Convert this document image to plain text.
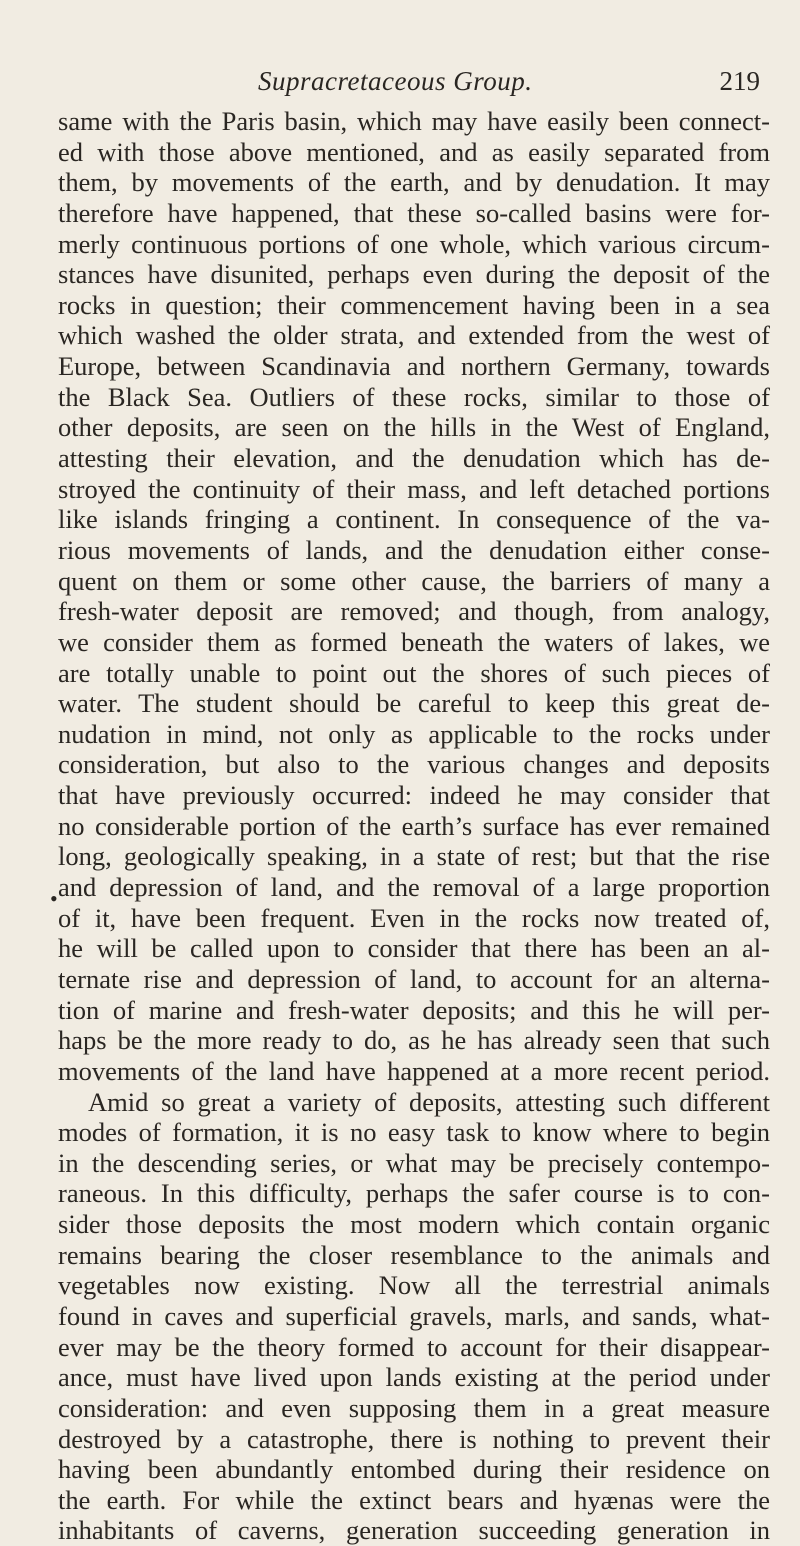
Supracretaceous Group.	219
•
same with the Paris basin, which may have easily been connect-
ed with those above mentioned, and as easily separated from
them, by movements of the earth, and by denudation. It may
therefore have happened, that these so-called basins were for-
merly continuous portions of one whole, which various circum-
stances have disunited, perhaps even during the deposit of the
rocks in question; their commencement having been in a sea
which washed the older strata, and extended from the west of
Europe, between Scandinavia and northern Germany, towards
the Black Sea. Outliers of these rocks, similar to those of
other deposits, are seen on the hills in the West of England,
attesting their elevation, and the denudation which has de-
stroyed the continuity of their mass, and left detached portions
like islands fringing a continent. In consequence of the va-
rious movements of lands, and the denudation either conse-
quent on them or some other cause, the barriers of many a
fresh-water deposit are removed; and though, from analogy,
we consider them as formed beneath the waters of lakes, we
are totally unable to point out the shores of such pieces of
water. The student should be careful to keep this great de-
nudation in mind, not only as applicable to the rocks under
consideration, but also to the various changes and deposits
that have previously occurred: indeed he may consider that
no considerable portion of the earth’s surface has ever remained
long, geologically speaking, in a state of rest; but that the rise
and depression of land, and the removal of a large proportion
of it, have been frequent. Even in the rocks now treated of,
he will be called upon to consider that there has been an al-
ternate rise and depression of land, to account for an alterna-
tion of marine and fresh-water deposits; and this he will per-
haps be the more ready to do, as he has already seen that such
movements of the land have happened at a more recent period.
Amid so great a variety of deposits, attesting such different
modes of formation, it is no easy task to know where to begin
in the descending series, or what may be precisely contempo-
raneous. In this difficulty, perhaps the safer course is to con-
sider those deposits the most modern which contain organic
remains bearing the closer resemblance to the animals and
vegetables now existing. Now all the terrestrial animals
found in caves and superficial gravels, marls, and sands, what-
ever may be the theory formed to account for their disappear-
ance, must have lived upon lands existing at the period under
consideration: and even supposing them in a great measure
destroyed by a catastrophe, there is nothing to prevent their
having been abundantly entombed during their residence on
the earth. For while the extinct bears and hyænas were the
inhabitants of caverns, generation succeeding generation in
